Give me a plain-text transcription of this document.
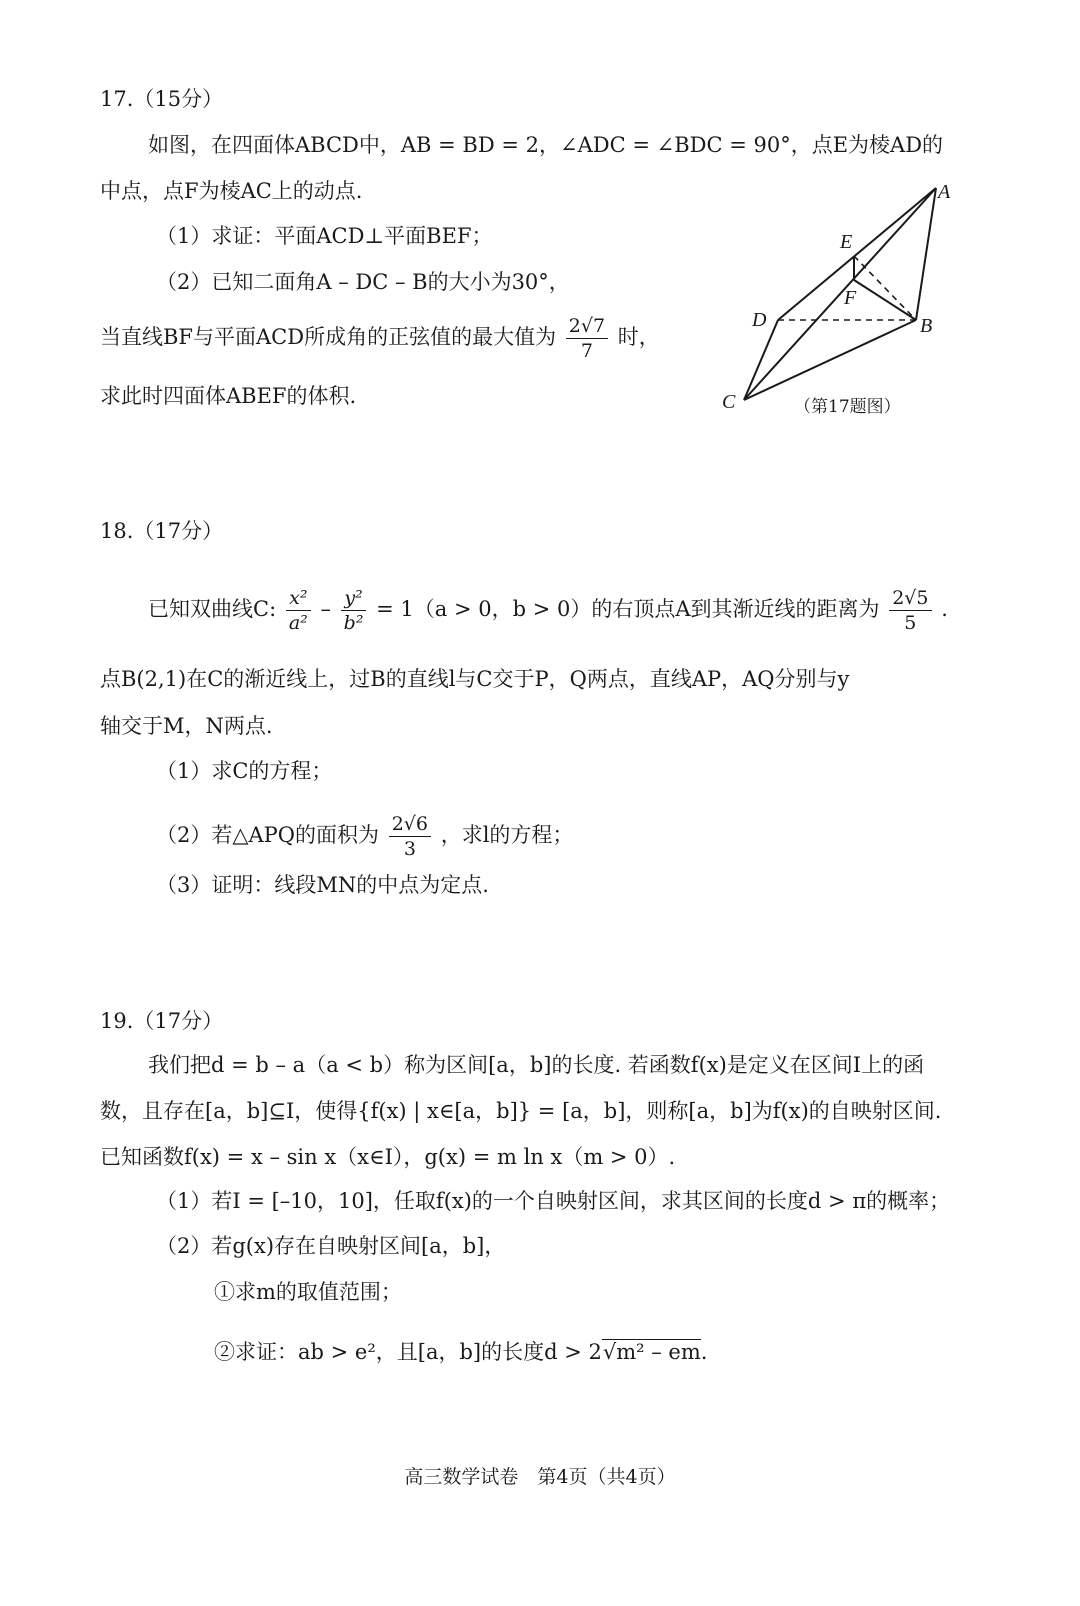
17.（15分）
如图，在四面体ABCD中，AB = BD = 2，∠ADC = ∠BDC = 90°，点E为棱AD的
中点，点F为棱AC上的动点.
（1）求证：平面ACD⊥平面BEF；
（2）已知二面角A – DC – B的大小为30°，
当直线BF与平面ACD所成角的正弦值的最大值为 $\frac{2√7}{7}$ 时，
求此时四面体ABEF的体积.
A
B
C
D
E
F
（第17题图）
18.（17分）
已知双曲线C: $\frac{\text{x²}}{\text{a²}} - \frac{\text{y²}}{\text{b²}} = 1(a > 0$，b > 0）的右顶点A到其渐近线的距离为 $\frac{2√5}{5}$ .
点B(2,1)在C的渐近线上，过B的直线l与C交于P，Q两点，直线AP，AQ分别与y
轴交于M，N两点.
（1）求C的方程；
（2）若△APQ的面积为 $\frac{2√6}{3}$ ，求l的方程；
（3）证明：线段MN的中点为定点.
19.（17分）
我们把d = b – a（a < b）称为区间[a，b]的长度. 若函数f(x)是定义在区间I上的函
数，且存在[a，b]⊆I，使得{f(x) | x∈[a，b]} = [a，b]，则称[a，b]为f(x)的自映射区间.
已知函数f(x) = x – sin x（x∈I），g(x) = m ln x（m > 0）.
（1）若I = [–10，10]，任取f(x)的一个自映射区间，求其区间的长度d > π的概率；
（2）若g(x)存在自映射区间[a，b]，
①求m的取值范围；
②求证：ab > e²，且[a，b]的长度d > 2√m² – em.
高三数学试卷　第4页（共4页）
